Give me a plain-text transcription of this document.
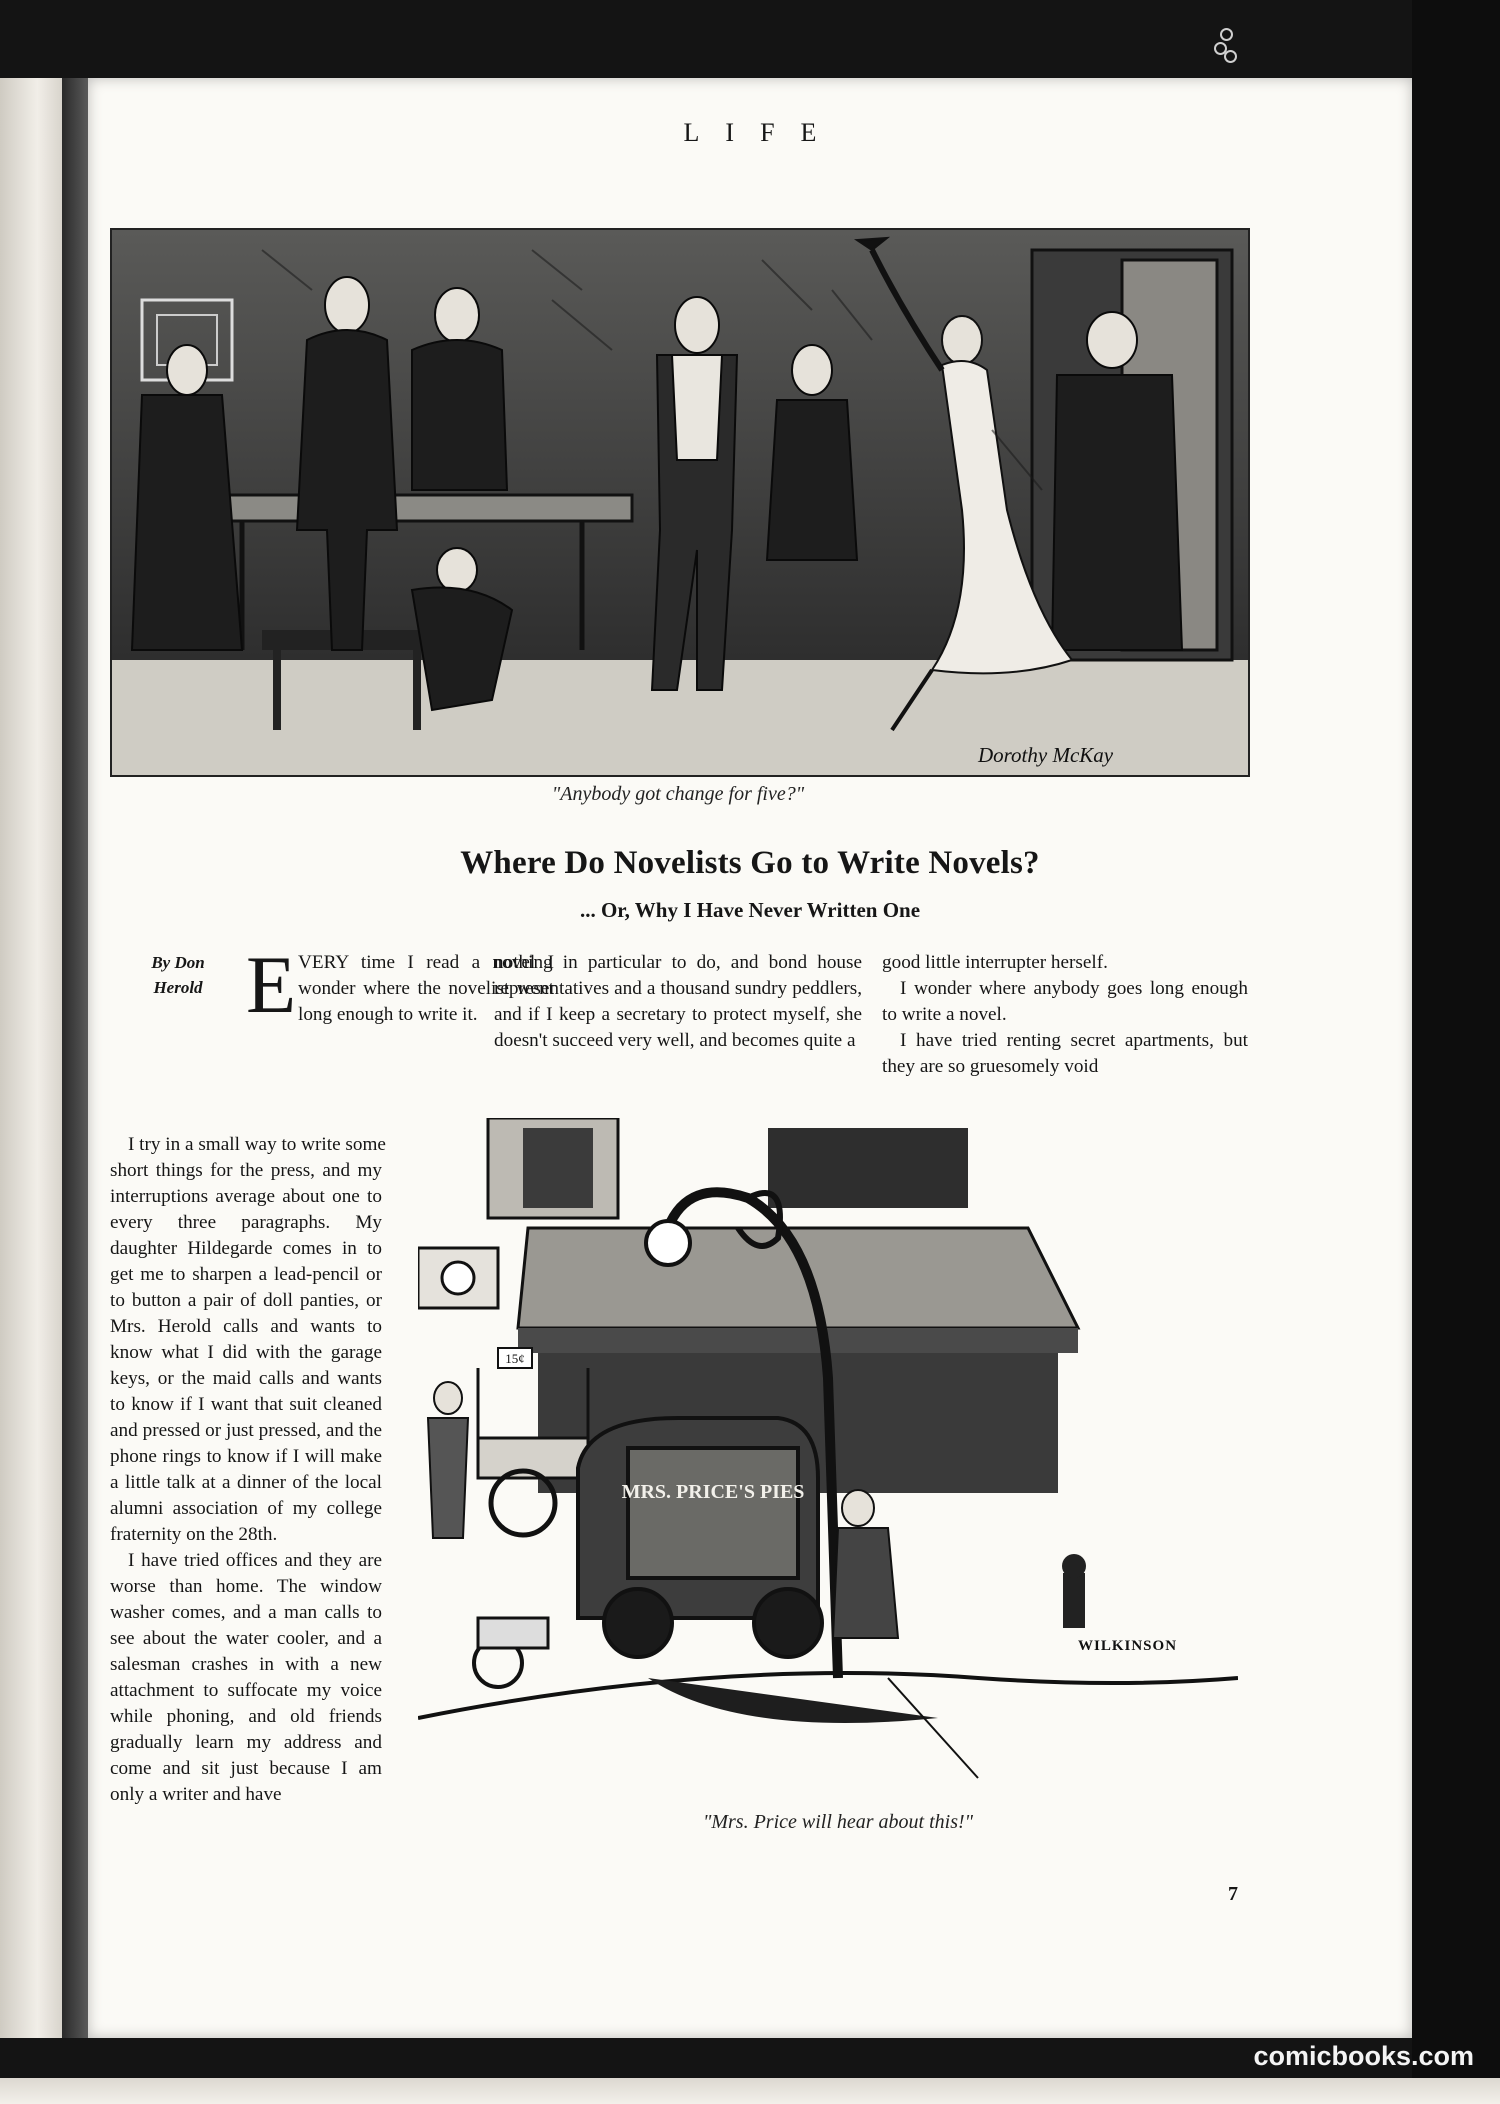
LIFE
Dorothy McKay
"Anybody got change for five?"
Where Do Novelists Go to Write Novels?
... Or, Why I Have Never Written One
By Don
Herold E VERY time I read a novel I wonder where the novelist went long enough to write it.

I try in a small way to write some

short things for the press, and my interruptions average about one to every three paragraphs. My daughter Hildegarde comes in to get me to sharpen a lead-pencil or to button a pair of doll panties, or Mrs. Herold calls and wants to know what I did with the garage keys, or the maid calls and wants to know if I want that suit cleaned and pressed or just pressed, and the phone rings to know if I will make a little talk at a dinner of the local alumni association of my college fraternity on the 28th.

I have tried offices and they are worse than home. The window washer comes, and a man calls to see about the water cooler, and a salesman crashes in with a new attachment to suffocate my voice while phoning, and old friends gradually learn my address and come and sit just because I am only a writer and have

nothing in particular to do, and bond house representatives and a thousand sundry peddlers, and if I keep a secretary to protect myself, she doesn't succeed very well, and becomes quite a

good little interrupter herself.

I wonder where anybody goes long enough to write a novel.

I have tried renting secret apartments, but they are so gruesomely void

15¢
MRS. PRICE'S PIES
WILKINSON
"Mrs. Price will hear about this!"
7
comicbooks.com
